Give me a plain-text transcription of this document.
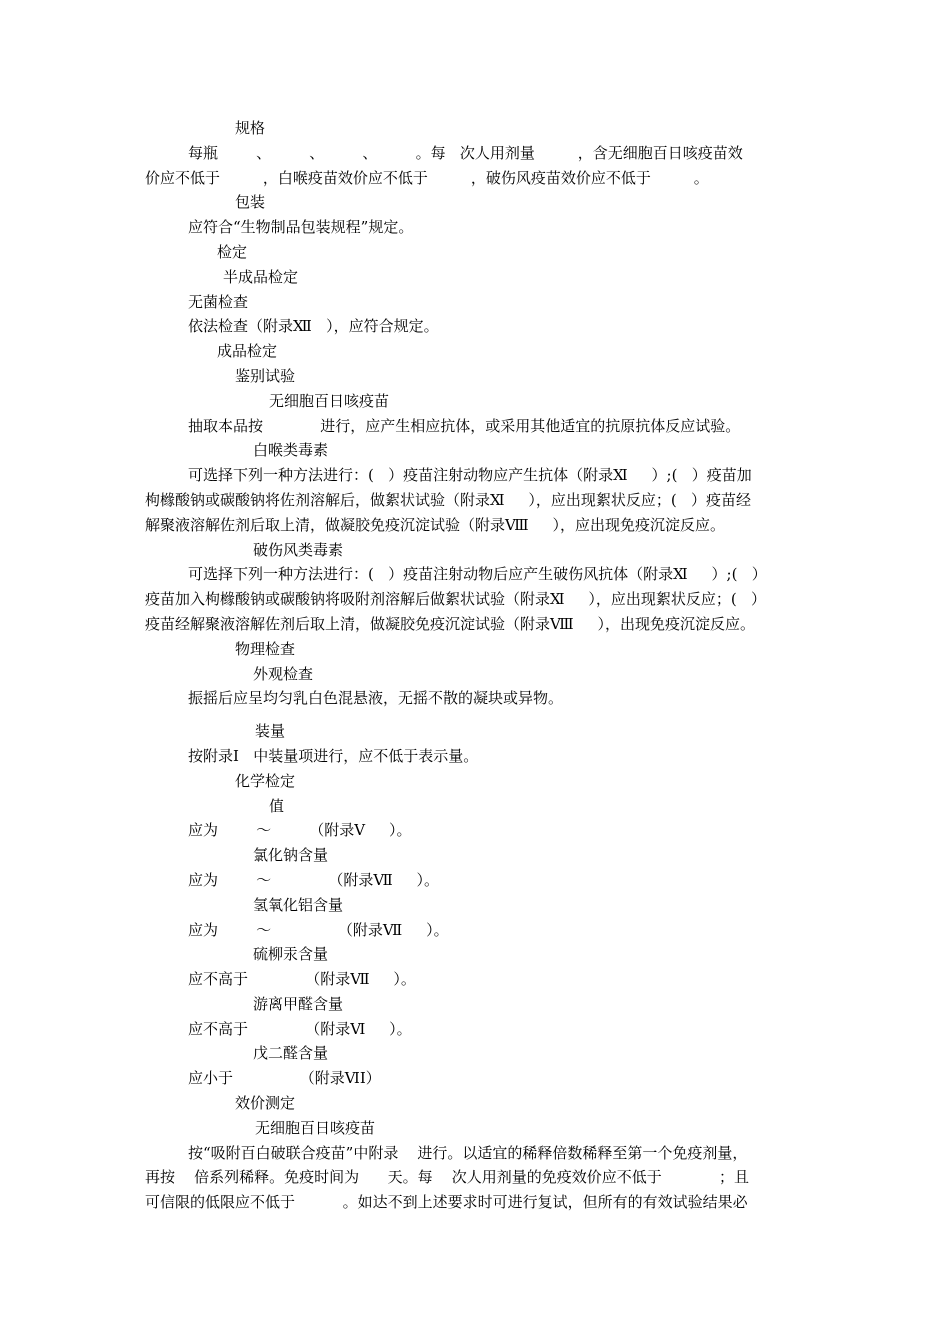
规格
每瓶        、        、        、        。每   次人用剂量         ，含无细胞百日咳疫苗效
价应不低于         ，白喉疫苗效价应不低于         ，破伤风疫苗效价应不低于         。
包装
应符合“生物制品包装规程”规定。
检定
半成品检定
无菌检查
依法检查（附录Ⅻ   ），应符合规定。
成品检定
鉴别试验
无细胞百日咳疫苗
抽取本品按            进行，应产生相应抗体，或采用其他适宜的抗原抗体反应试验。
白喉类毒素
可选择下列一种方法进行：(   ）疫苗注射动物应产生抗体（附录Ⅺ     ）;(   ）疫苗加
枸橼酸钠或碳酸钠将佐剂溶解后，做絮状试验（附录Ⅺ     ），应出现絮状反应；(   ）疫苗经
解聚液溶解佐剂后取上清，做凝胶免疫沉淀试验（附录Ⅷ     ），应出现免疫沉淀反应。
破伤风类毒素
可选择下列一种方法进行：(   ）疫苗注射动物后应产生破伤风抗体（附录Ⅺ     ）;(   ）
疫苗加入枸橼酸钠或碳酸钠将吸附剂溶解后做絮状试验（附录Ⅺ     ），应出现絮状反应；(   ）
疫苗经解聚液溶解佐剂后取上清，做凝胶免疫沉淀试验（附录Ⅷ     ），出现免疫沉淀反应。
物理检查
外观检查
振摇后应呈均匀乳白色混悬液，无摇不散的凝块或异物。
装量
按附录Ⅰ   中装量项进行，应不低于表示量。
化学检定
值
应为        ～        （附录Ⅴ     ）。
氯化钠含量
应为        ～            （附录Ⅶ     ）。
氢氧化铝含量
应为        ～              （附录Ⅶ     ）。
硫柳汞含量
应不高于            （附录Ⅶ     ）。
游离甲醛含量
应不高于            （附录Ⅵ     ）。
戊二醛含量
应小于              （附录ⅥⅠ）
效价测定
无细胞百日咳疫苗
按“吸附百白破联合疫苗”中附录    进行。以适宜的稀释倍数稀释至第一个免疫剂量，
再按    倍系列稀释。免疫时间为      天。每    次人用剂量的免疫效价应不低于            ；且
可信限的低限应不低于          。如达不到上述要求时可进行复试，但所有的有效试验结果必
